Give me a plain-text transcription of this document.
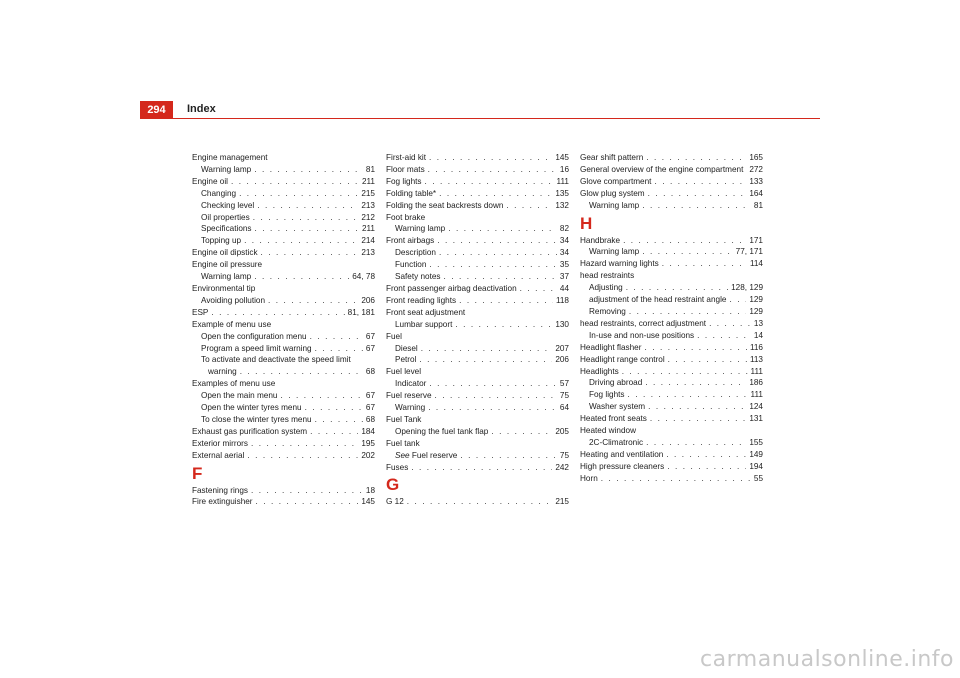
294 Index
Engine management
Warning lamp . . .	81
Engine oil . . .	211
Changing . . .	215
Checking level . . .	213
Oil properties . . .	212
Specifications . . .	211
Topping up . . .	214
Engine oil dipstick . . .	213
Engine oil pressure
Warning lamp . . .	64, 78
Environmental tip
Avoiding pollution . . .	206
ESP . . .	81, 181
Example of menu use
Open the configuration menu . . .	67
Program a speed limit warning . . .	67
To activate and deactivate the speed limit
warning . . .	68
Examples of menu use
Open the main menu . . .	67
Open the winter tyres menu . . .	67
To close the winter tyres menu . . .	68
Exhaust gas purification system . . .	184
Exterior mirrors . . .	195
External aerial . . .	202
F
Fastening rings . . .	18
Fire extinguisher . . .	145
First-aid kit . . .	145
Floor mats . . .	16
Fog lights . . .	111
Folding table* . . .	135
Folding the seat backrests down . . .	132
Foot brake
Warning lamp . . .	82
Front airbags . . .	34
Description . . .	34
Function . . .	35
Safety notes . . .	37
Front passenger airbag deactivation . . .	44
Front reading lights . . .	118
Front seat adjustment
Lumbar support . . .	130
Fuel
Diesel . . .	207
Petrol . . .	206
Fuel level
Indicator . . .	57
Fuel reserve . . .	75
Warning . . .	64
Fuel Tank
Opening the fuel tank flap . . .	205
Fuel tank
See Fuel reserve . . .	75
Fuses . . .	242
G
G 12 . . .	215
Gear shift pattern . . .	165
General overview of the engine compartment 272
Glove compartment . . .	133
Glow plug system . . .	164
Warning lamp . . .	81
H
Handbrake . . .	171
Warning lamp . . .	77, 171
Hazard warning lights . . .	114
head restraints
Adjusting . . .	128, 129
adjustment of the head restraint angle . . .	129
Removing . . .	129
head restraints, correct adjustment . . .	13
In-use and non-use positions . . .	14
Headlight flasher . . .	116
Headlight range control . . .	113
Headlights . . .	111
Driving abroad . . .	186
Fog lights . . .	111
Washer system . . .	124
Heated front seats . . .	131
Heated window
2C-Climatronic . . .	155
Heating and ventilation . . .	149
High pressure cleaners . . .	194
Horn . . .	55
carmanualsonline.info
